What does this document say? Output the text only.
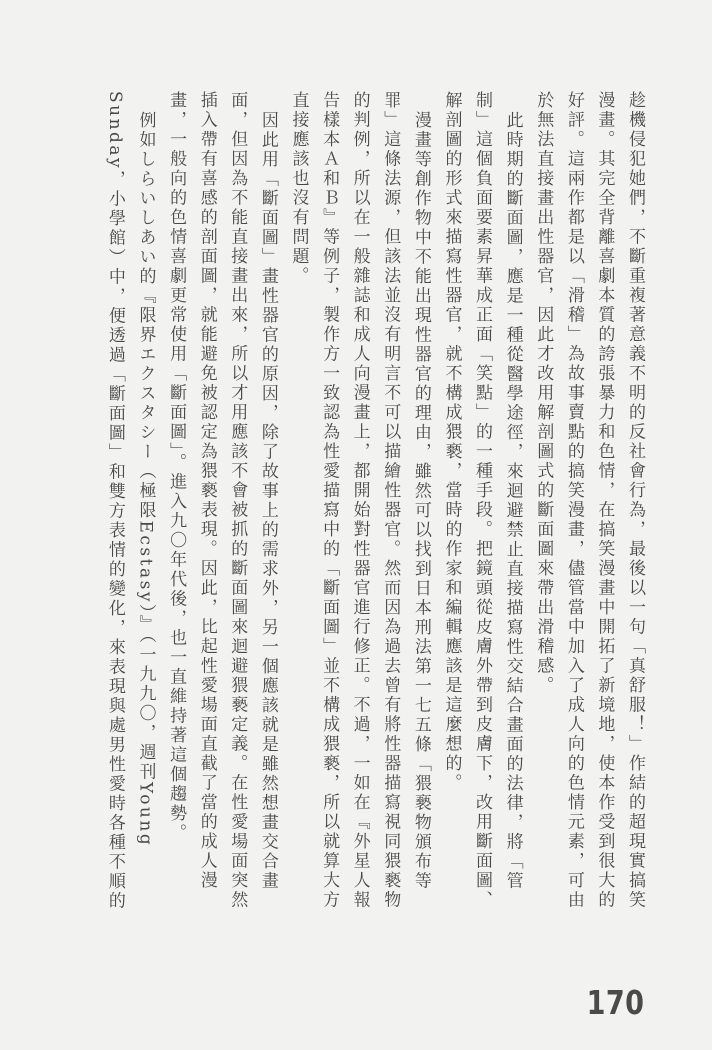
趁機侵犯她們，不斷重複著意義不明的反社會行為，最後以一句「真舒服！」作結的超現實搞笑漫畫。其完全背離喜劇本質的誇張暴力和色情，在搞笑漫畫中開拓了新境地，使本作受到很大的好評。這兩作都是以「滑稽」為故事賣點的搞笑漫畫，儘管當中加入了成人向的色情元素，可由於無法直接畫出性器官，因此才改用解剖圖式的斷面圖來帶出滑稽感。

此時期的斷面圖，應是一種從醫學途徑，來迴避禁止直接描寫性交結合畫面的法律，將「管制」這個負面要素昇華成正面「笑點」的一種手段。把鏡頭從皮膚外帶到皮膚下，改用斷面圖、解剖圖的形式來描寫性器官，就不構成猥褻，當時的作家和編輯應該是這麼想的。

漫畫等創作物中不能出現性器官的理由，雖然可以找到日本刑法第一七五條「猥褻物頒布等罪」這條法源，但該法並沒有明言不可以描繪性器官。然而因為過去曾有將性器描寫視同猥褻物的判例，所以在一般雜誌和成人向漫畫上，都開始對性器官進行修正。不過，一如在『外星人報告樣本Ａ和Ｂ』等例子，製作方一致認為性愛描寫中的「斷面圖」並不構成猥褻，所以就算大方直接應該也沒有問題。

因此用「斷面圖」畫性器官的原因，除了故事上的需求外，另一個應該就是雖然想畫交合畫面，但因為不能直接畫出來，所以才用應該不會被抓的斷面圖來迴避猥褻定義。在性愛場面突然插入帶有喜感的剖面圖，就能避免被認定為猥褻表現。因此，比起性愛場面直截了當的成人漫畫，一般向的色情喜劇更常使用「斷面圖」。進入九〇年代後，也一直維持著這個趨勢。

例如しらいしあい的『限界エクスタシー（極限Ecstasy）』（一九九〇，週刊Young Sunday，小學館）中，便透過「斷面圖」和雙方表情的變化，來表現與處男性愛時各種不順的

170
